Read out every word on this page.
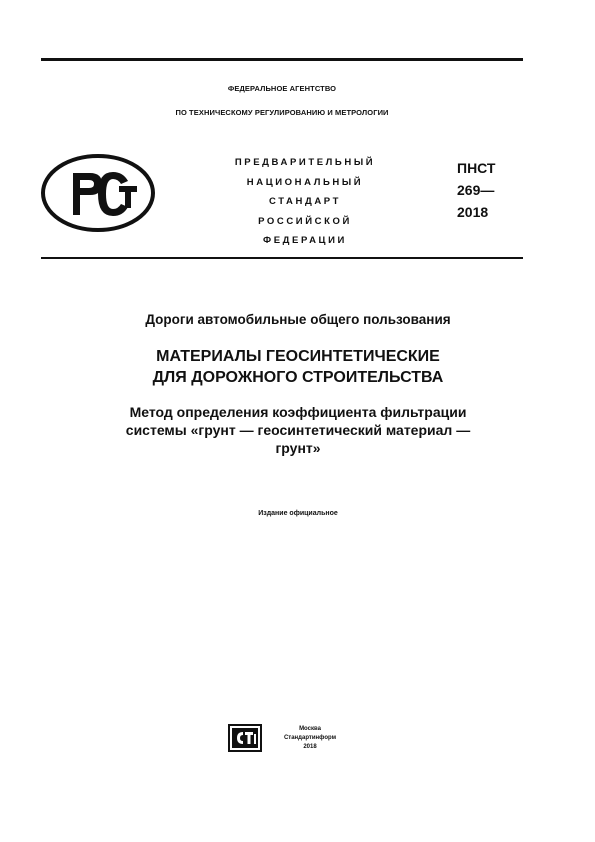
ФЕДЕРАЛЬНОЕ АГЕНТСТВО
ПО ТЕХНИЧЕСКОМУ РЕГУЛИРОВАНИЮ И МЕТРОЛОГИИ
ПРЕДВАРИТЕЛЬНЫЙ
НАЦИОНАЛЬНЫЙ
СТАНДАРТ
РОССИЙСКОЙ
ФЕДЕРАЦИИ
ПНСТ
269—
2018
Дороги автомобильные общего пользования
МАТЕРИАЛЫ ГЕОСИНТЕТИЧЕСКИЕ
ДЛЯ ДОРОЖНОГО СТРОИТЕЛЬСТВА
Метод определения коэффициента фильтрации
системы «грунт — геосинтетический материал —
грунт»
Издание официальное
Москва
Стандартинформ
2018
